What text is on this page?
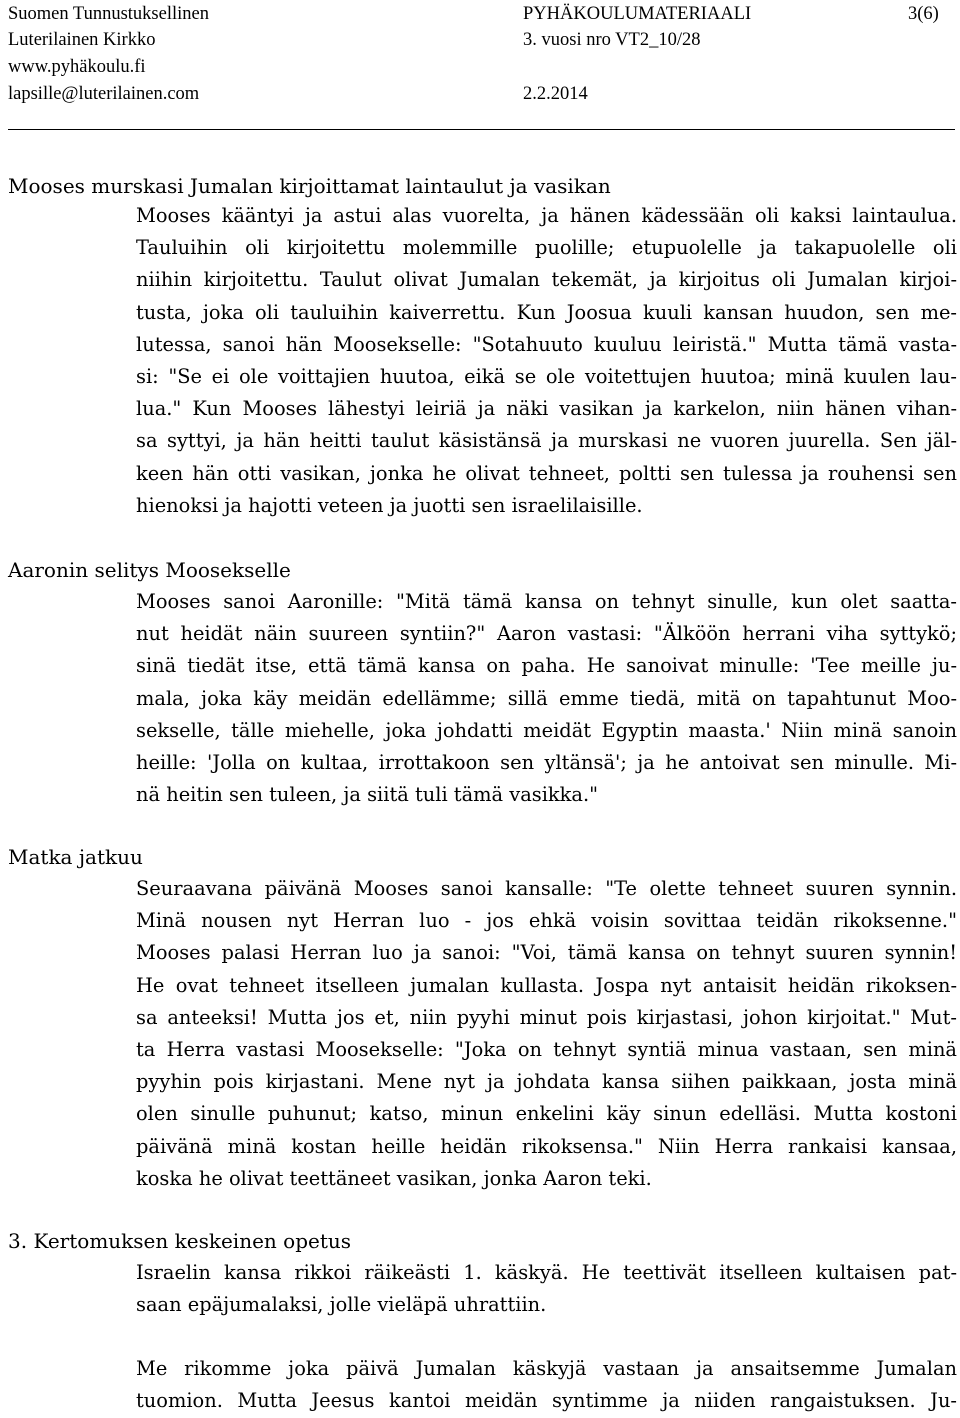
Suomen Tunnustuksellinen
Luterilainen Kirkko
www.pyhäkoulu.fi
lapsille@luterilainen.com
PYHÄKOULUMATERIAALI
3. vuosi nro VT2_10/28
2.2.2014
3(6)
Mooses murskasi Jumalan kirjoittamat laintaulut ja vasikan
Mooses kääntyi ja astui alas vuorelta, ja hänen kädessään oli kaksi laintaulua.
Tauluihin oli kirjoitettu molemmille puolille; etupuolelle ja takapuolelle oli
niihin kirjoitettu. Taulut olivat Jumalan tekemät, ja kirjoitus oli Jumalan kirjoi-
tusta, joka oli tauluihin kaiverrettu. Kun Joosua kuuli kansan huudon, sen me-
lutessa, sanoi hän Moosekselle: "Sotahuuto kuuluu leiristä." Mutta tämä vasta-
si: "Se ei ole voittajien huutoa, eikä se ole voitettujen huutoa; minä kuulen lau-
lua." Kun Mooses lähestyi leiriä ja näki vasikan ja karkelon, niin hänen vihan-
sa syttyi, ja hän heitti taulut käsistänsä ja murskasi ne vuoren juurella. Sen jäl-
keen hän otti vasikan, jonka he olivat tehneet, poltti sen tulessa ja rouhensi sen
hienoksi ja hajotti veteen ja juotti sen israelilaisille.
Aaronin selitys Moosekselle
Mooses sanoi Aaronille: "Mitä tämä kansa on tehnyt sinulle, kun olet saatta-
nut heidät näin suureen syntiin?" Aaron vastasi: "Älköön herrani viha syttykö;
sinä tiedät itse, että tämä kansa on paha. He sanoivat minulle: 'Tee meille ju-
mala, joka käy meidän edellämme; sillä emme tiedä, mitä on tapahtunut Moo-
sekselle, tälle miehelle, joka johdatti meidät Egyptin maasta.' Niin minä sanoin
heille: 'Jolla on kultaa, irrottakoon sen yltänsä'; ja he antoivat sen minulle. Mi-
nä heitin sen tuleen, ja siitä tuli tämä vasikka."
Matka jatkuu
Seuraavana päivänä Mooses sanoi kansalle: "Te olette tehneet suuren synnin.
Minä nousen nyt Herran luo - jos ehkä voisin sovittaa teidän rikoksenne."
Mooses palasi Herran luo ja sanoi: "Voi, tämä kansa on tehnyt suuren synnin!
He ovat tehneet itselleen jumalan kullasta. Jospa nyt antaisit heidän rikoksen-
sa anteeksi! Mutta jos et, niin pyyhi minut pois kirjastasi, johon kirjoitat." Mut-
ta Herra vastasi Moosekselle: "Joka on tehnyt syntiä minua vastaan, sen minä
pyyhin pois kirjastani. Mene nyt ja johdata kansa siihen paikkaan, josta minä
olen sinulle puhunut; katso, minun enkelini käy sinun edelläsi. Mutta kostoni
päivänä minä kostan heille heidän rikoksensa." Niin Herra rankaisi kansaa,
koska he olivat teettäneet vasikan, jonka Aaron teki.
3. Kertomuksen keskeinen opetus
Israelin kansa rikkoi räikeästi 1. käskyä. He teettivät itselleen kultaisen pat-
saan epäjumalaksi, jolle vieläpä uhrattiin.
Me rikomme joka päivä Jumalan käskyjä vastaan ja ansaitsemme Jumalan
tuomion. Mutta Jeesus kantoi meidän syntimme ja niiden rangaistuksen. Ju-
